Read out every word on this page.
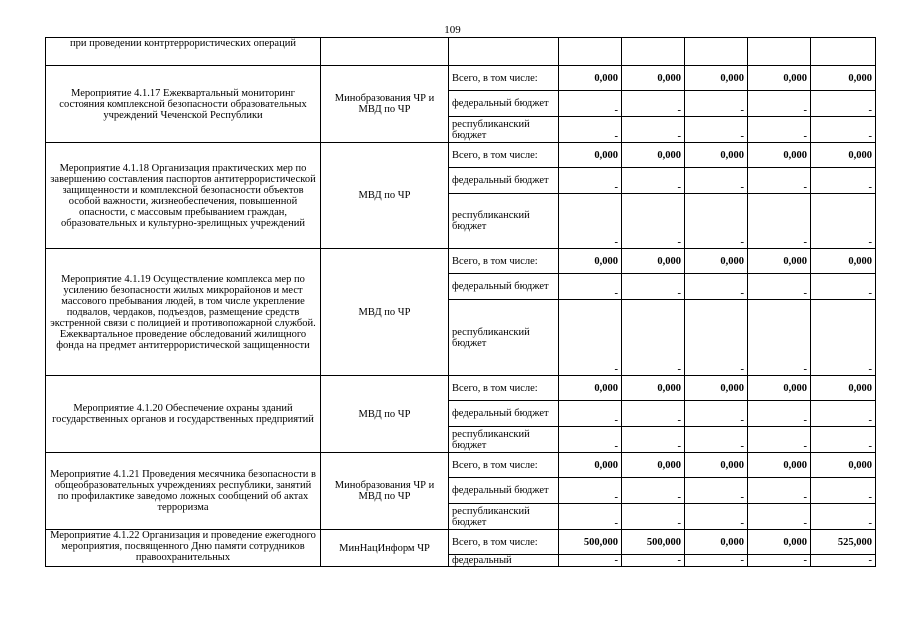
109
при проведении контртеррористических операций							
Мероприятие 4.1.17 Ежеквартальный мониторинг состояния комплексной безопасности образовательных учреждений Чеченской Республики	Минобразования ЧР и МВД по ЧР	Всего, в том числе:	0,000	0,000	0,000	0,000	0,000
		федеральный бюджет	-	-	-	-	-
		республиканский бюджет	-	-	-	-	-
Мероприятие 4.1.18 Организация практических мер по завершению составления паспортов антитеррористической защищенности и комплексной безопасности объектов особой важности, жизнеобеспечения, повышенной опасности, с массовым пребыванием граждан, образовательных и культурно-зрелищных учреждений	МВД по ЧР	Всего, в том числе:	0,000	0,000	0,000	0,000	0,000
		федеральный бюджет	-	-	-	-	-
		республиканский бюджет	-	-	-	-	-
Мероприятие 4.1.19 Осуществление комплекса мер по усилению безопасности жилых микрорайонов и мест массового пребывания людей, в том числе укрепление подвалов, чердаков, подъездов, размещение средств экстренной связи с полицией и противопожарной службой. Ежеквартальное проведение обследований жилищного фонда на предмет антитеррористической защищенности	МВД по ЧР	Всего, в том числе:	0,000	0,000	0,000	0,000	0,000
		федеральный бюджет	-	-	-	-	-
		республиканский бюджет	-	-	-	-	-
Мероприятие 4.1.20 Обеспечение охраны зданий государственных органов и государственных предприятий	МВД по ЧР	Всего, в том числе:	0,000	0,000	0,000	0,000	0,000
		федеральный бюджет	-	-	-	-	-
		республиканский бюджет	-	-	-	-	-
Мероприятие 4.1.21 Проведения месячника безопасности в общеобразовательных учреждениях республики, занятий по профилактике заведомо ложных сообщений об актах терроризма	Минобразования ЧР и МВД по ЧР	Всего, в том числе:	0,000	0,000	0,000	0,000	0,000
		федеральный бюджет	-	-	-	-	-
		республиканский бюджет	-	-	-	-	-
Мероприятие 4.1.22 Организация и проведение ежегодного мероприятия, посвященного Дню памяти сотрудников правоохранительных	МинНацИнформ ЧР	Всего, в том числе:	500,000	500,000	0,000	0,000	525,000
		федеральный	-	-	-	-	-
